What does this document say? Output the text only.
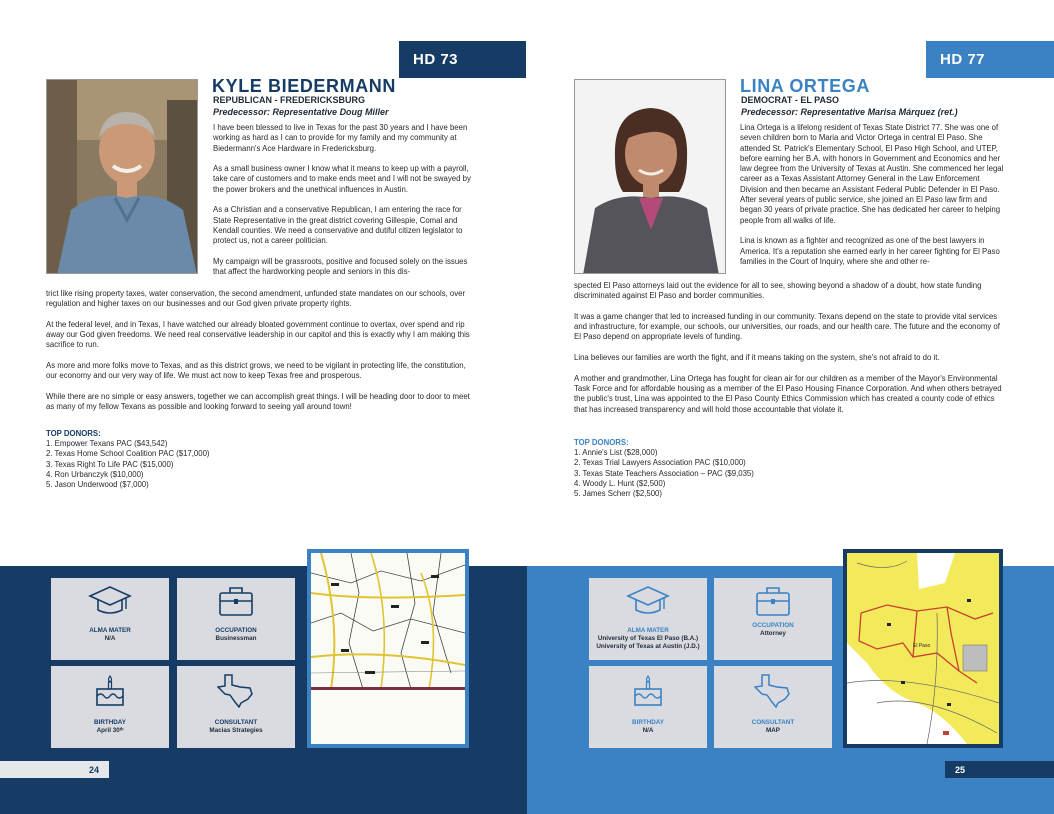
HD 73
KYLE BIEDERMANN
REPUBLICAN - FREDERICKSBURG
Predecessor: Representative Doug Miller

I have been blessed to live in Texas for the past 30 years and I have been working as hard as I can to provide for my family and my community at Biedermann's Ace Hardware in Fredericksburg.

As a small business owner I know what it means to keep up with a payroll, take care of customers and to make ends meet and I will not be swayed by the power brokers and the unethical influences in Austin.

As a Christian and a conservative Republican, I am entering the race for State Representative in the great district covering Gillespie, Comal and Kendall counties. We need a conservative and dutiful citizen legislator to protect us, not a career politician.

My campaign will be grassroots, positive and focused solely on the issues that affect the hardworking people and seniors in this dis-

trict like rising property taxes, water conservation, the second amendment, unfunded state mandates on our schools, over regulation and higher taxes on our businesses and our God given private property rights.

At the federal level, and in Texas, I have watched our already bloated government continue to overtax, over spend and rip away our God given freedoms. We need real conservative leadership in our capitol and this is exactly why I am making this sacrifice to run.

As more and more folks move to Texas, and as this district grows, we need to be vigilant in protecting life, the constitution, our economy and our very way of life. We must act now to keep Texas free and prosperous.

While there are no simple or easy answers, together we can accomplish great things. I will be heading door to door to meet as many of my fellow Texans as possible and looking forward to seeing yall around town!

TOP DONORS:
1. Empower Texans PAC ($43,542)
2. Texas Home School Coalition PAC ($17,000)
3. Texas Right To Life PAC ($15,000)
4. Ron Urbanczyk ($10,000)
5. Jason Underwood ($7,000)
ALMA MATER
N/A
OCCUPATION
Businessman
BIRTHDAY
April 30ᵗʰ
CONSULTANT
Macias Strategies
24
HD 77
LINA ORTEGA
DEMOCRAT - EL PASO
Predecessor: Representative Marisa Márquez (ret.)

Lina Ortega is a lifelong resident of Texas State District 77. She was one of seven children born to Maria and Victor Ortega in central El Paso. She attended St. Patrick's Elementary School, El Paso High School, and UTEP, before earning her B.A. with honors in Government and Economics and her law degree from the University of Texas at Austin. She commenced her legal career as a Texas Assistant Attorney General in the Law Enforcement Division and then became an Assistant Federal Public Defender in El Paso. After several years of public service, she joined an El Paso law firm and began 30 years of private practice. She has dedicated her career to helping people from all walks of life.

Lina is known as a fighter and recognized as one of the best lawyers in America. It's a reputation she earned early in her career fighting for El Paso families in the Court of Inquiry, where she and other re-

spected El Paso attorneys laid out the evidence for all to see, showing beyond a shadow of a doubt, how state funding discriminated against El Paso and border communities.

It was a game changer that led to increased funding in our community. Texans depend on the state to provide vital services and infrastructure, for example, our schools, our universities, our roads, and our health care. The future and the economy of El Paso depend on appropriate levels of funding.

Lina believes our families are worth the fight, and if it means taking on the system, she's not afraid to do it.

A mother and grandmother, Lina Ortega has fought for clean air for our children as a member of the Mayor's Environmental Task Force and for affordable housing as a member of the El Paso Housing Finance Corporation. And when others betrayed the public's trust, Lina was appointed to the El Paso County Ethics Commission which has created a county code of ethics that has increased transparency and will hold those accountable that violate it.

TOP DONORS:
1. Annie's List ($28,000)
2. Texas Trial Lawyers Association PAC ($10,000)
3. Texas State Teachers Association – PAC ($9,035)
4. Woody L. Hunt ($2,500)
5. James Scherr ($2,500)
ALMA MATER
University of Texas El Paso (B.A.)
University of Texas at Austin (J.D.)
OCCUPATION
Attorney
BIRTHDAY
N/A
CONSULTANT
MAP
El Paso
25
